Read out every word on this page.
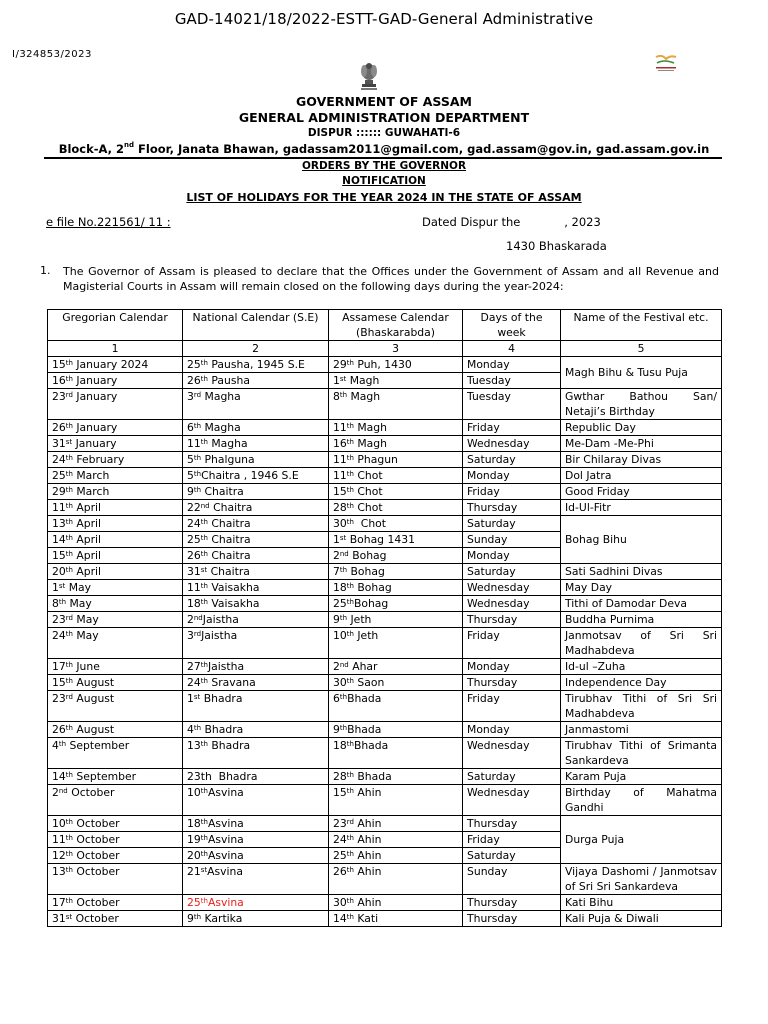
GAD-14021/18/2022-ESTT-GAD-General Administrative
I/324853/2023
GOVERNMENT OF ASSAM
GENERAL ADMINISTRATION DEPARTMENT
DISPUR :::::: GUWAHATI-6
Block-A, 2nd Floor, Janata Bhawan, gadassam2011@gmail.com, gad.assam@gov.in, gad.assam.gov.in
ORDERS BY THE GOVERNOR
NOTIFICATION
LIST OF HOLIDAYS FOR THE YEAR 2024 IN THE STATE OF ASSAM
e file No.221561/ 11 :	Dated Dispur the            , 2023
1430 Bhaskarada
1. The Governor of Assam is pleased to declare that the Offices under the Government of Assam and all Revenue and Magisterial Courts in Assam will remain closed on the following days during the year-2024:
Gregorian Calendar	National Calendar (S.E)	Assamese Calendar (Bhaskarabda)	Days of the week	Name of the Festival etc.
1	2	3	4	5
15th January 2024	25th Pausha, 1945 S.E	29th Puh, 1430	Monday	Magh Bihu & Tusu Puja
16th January	26th Pausha	1st Magh	Tuesday	
23rd January	3rd Magha	8th Magh	Tuesday	Gwthar Bathou San/ Netaji’s Birthday
26th January	6th Magha	11th Magh	Friday	Republic Day
31st January	11th Magha	16th Magh	Wednesday	Me-Dam -Me-Phi
24th February	5th Phalguna	11th Phagun	Saturday	Bir Chilaray Divas
25th March	5thChaitra , 1946 S.E	11th Chot	Monday	Dol Jatra
29th March	9th Chaitra	15th Chot	Friday	Good Friday
11th April	22nd Chaitra	28th Chot	Thursday	Id-Ul-Fitr
13th April	24th Chaitra	30th  Chot	Saturday	Bohag Bihu
14th April	25th Chaitra	1st Bohag 1431	Sunday	
15th April	26th Chaitra	2nd Bohag	Monday	
20th April	31st Chaitra	7th Bohag	Saturday	Sati Sadhini Divas
1st May	11th Vaisakha	18th Bohag	Wednesday	May Day
8th May	18th Vaisakha	25thBohag	Wednesday	Tithi of Damodar Deva
23rd May	2ndJaistha	9th Jeth	Thursday	Buddha Purnima
24th May	3rdJaistha	10th Jeth	Friday	Janmotsav of Sri Sri Madhabdeva
17th June	27thJaistha	2nd Ahar	Monday	Id-ul –Zuha
15th August	24th Sravana	30th Saon	Thursday	Independence Day
23rd August	1st Bhadra	6thBhada	Friday	Tirubhav Tithi of Sri Sri Madhabdeva
26th August	4th Bhadra	9thBhada	Monday	Janmastomi
4th September	13th Bhadra	18thBhada	Wednesday	Tirubhav Tithi of Srimanta Sankardeva
14th September	23th  Bhadra	28th Bhada	Saturday	Karam Puja
2nd October	10thAsvina	15th Ahin	Wednesday	Birthday of Mahatma Gandhi
10th October	18thAsvina	23rd Ahin	Thursday	Durga Puja
11th October	19thAsvina	24th Ahin	Friday	
12th October	20thAsvina	25th Ahin	Saturday	
13th October	21stAsvina	26th Ahin	Sunday	Vijaya Dashomi / Janmotsav of Sri Sri Sankardeva
17th October	25thAsvina	30th Ahin	Thursday	Kati Bihu
31st October	9th Kartika	14th Kati	Thursday	Kali Puja & Diwali
